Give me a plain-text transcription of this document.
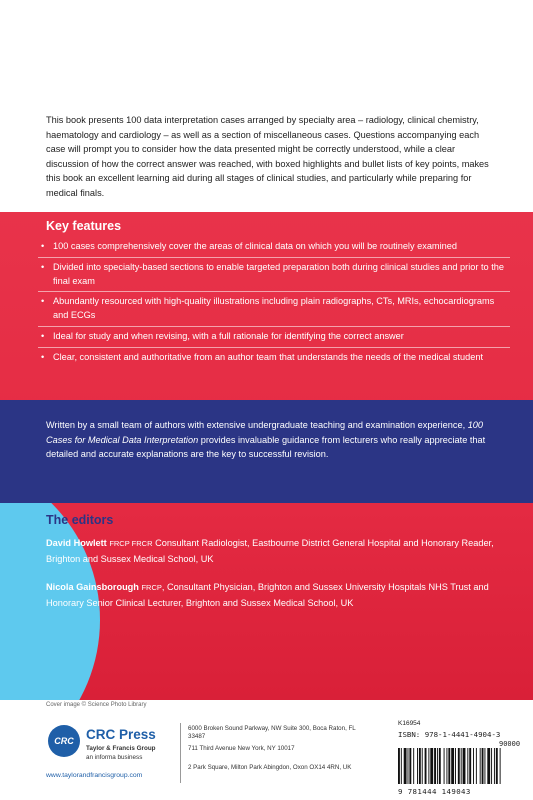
This book presents 100 data interpretation cases arranged by specialty area – radiology, clinical chemistry, haematology and cardiology – as well as a section of miscellaneous cases. Questions accompanying each case will prompt you to consider how the data presented might be correctly understood, while a clear discussion of how the correct answer was reached, with boxed highlights and bullet lists of key points, makes this book an excellent learning aid during all stages of clinical studies, and particularly while preparing for medical finals.

Key features
• 100 cases comprehensively cover the areas of clinical data on which you will be routinely examined
• Divided into specialty-based sections to enable targeted preparation both during clinical studies and prior to the final exam
• Abundantly resourced with high-quality illustrations including plain radiographs, CTs, MRIs, echocardiograms and ECGs
• Ideal for study and when revising, with a full rationale for identifying the correct answer
• Clear, consistent and authoritative from an author team that understands the needs of the medical student

Written by a small team of authors with extensive undergraduate teaching and examination experience, 100 Cases for Medical Data Interpretation provides invaluable guidance from lecturers who really appreciate that detailed and accurate explanations are the key to successful revision.

The editors

David Howlett FRCP FRCR Consultant Radiologist, Eastbourne District General Hospital and Honorary Reader, Brighton and Sussex Medical School, UK

Nicola Gainsborough FRCP, Consultant Physician, Brighton and Sussex University Hospitals NHS Trust and Honorary Senior Clinical Lecturer, Brighton and Sussex Medical School, UK

Cover image © Science Photo Library

CRC CRC Press

Taylor & Francis Group

an informa business

www.taylorandfrancisgroup.com

6000 Broken Sound Parkway, NW Suite 300, Boca Raton, FL 33487

711 Third Avenue New York, NY 10017

2 Park Square, Milton Park Abingdon, Oxon OX14 4RN, UK

K16954

ISBN: 978-1-4441-4904-3

90000

9 781444 149043
